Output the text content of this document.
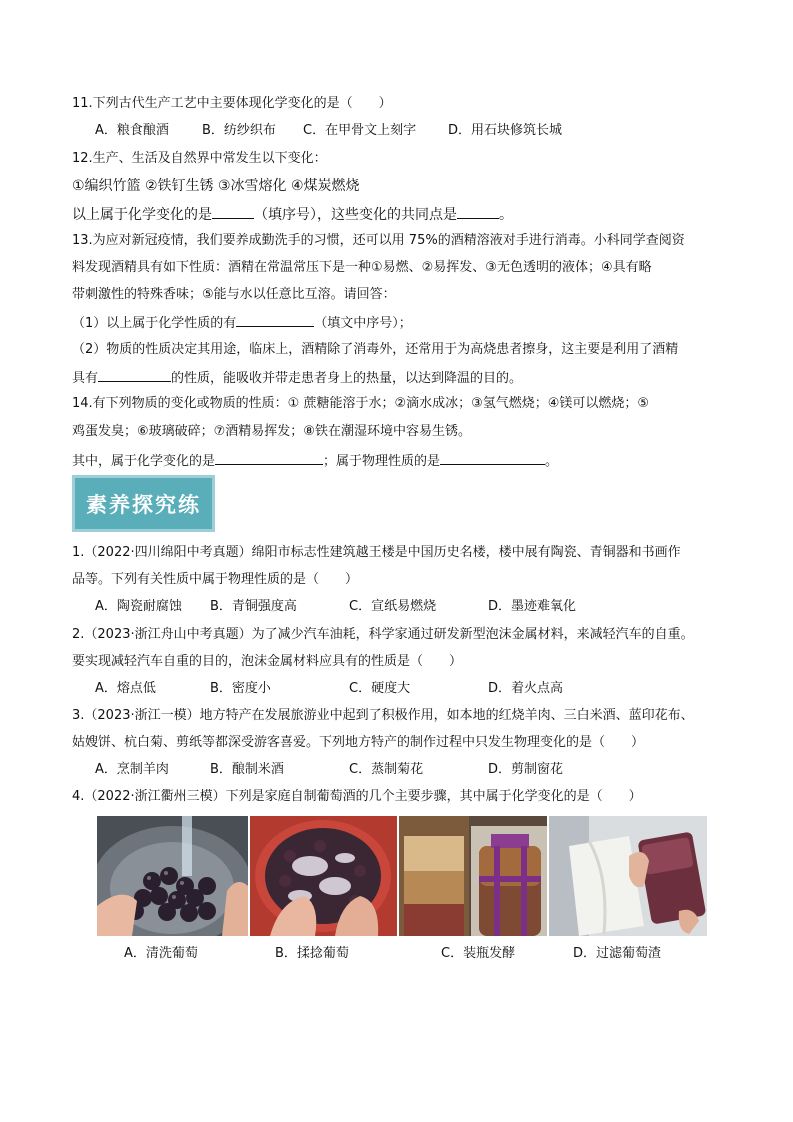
11.下列古代生产工艺中主要体现化学变化的是（　　）
A．粮食酿酒	B．纺纱织布 C．在甲骨文上刻字 D．用石块修筑长城
12.生产、生活及自然界中常发生以下变化：
①编织竹篮 ②铁钉生锈 ③冰雪熔化 ④煤炭燃烧
以上属于化学变化的是	（填序号），这些变化的共同点是	。
13.为应对新冠疫情，我们要养成勤洗手的习惯，还可以用 75%的酒精溶液对手进行消毒。小科同学查阅资
料发现酒精具有如下性质：酒精在常温常压下是一种①易燃、②易挥发、③无色透明的液体；④具有略
带刺激性的特殊香味；⑤能与水以任意比互溶。请回答：
（1）以上属于化学性质的有	（填文中序号）；
（2）物质的性质决定其用途，临床上，酒精除了消毒外，还常用于为高烧患者擦身，这主要是利用了酒精
具有	的性质，能吸收并带走患者身上的热量，以达到降温的目的。
14.有下列物质的变化或物质的性质：① 蔗糖能溶于水；②滴水成冰；③氢气燃烧；④镁可以燃烧；⑤
鸡蛋发臭；⑥玻璃破碎；⑦酒精易挥发；⑧铁在潮湿环境中容易生锈。
其中，属于化学变化的是	；属于物理性质的是	。
素养探究练
1.（2022·四川绵阳中考真题）绵阳市标志性建筑越王楼是中国历史名楼，楼中展有陶瓷、青铜器和书画作
品等。下列有关性质中属于物理性质的是（　　）
A．陶瓷耐腐蚀 B．青铜强度高	C．宣纸易燃烧	D．墨迹难氧化
2.（2023·浙江舟山中考真题）为了减少汽车油耗，科学家通过研发新型泡沫金属材料，来减轻汽车的自重。
要实现减轻汽车自重的目的，泡沫金属材料应具有的性质是（　　）
A．熔点低	B．密度小	C．硬度大	D．着火点高
3.（2023·浙江一模）地方特产在发展旅游业中起到了积极作用，如本地的红烧羊肉、三白米酒、蓝印花布、
姑嫂饼、杭白菊、剪纸等都深受游客喜爱。下列地方特产的制作过程中只发生物理变化的是（　　）
A．烹制羊肉	B．酿制米酒	C．蒸制菊花	D．剪制窗花
4.（2022·浙江衢州三模）下列是家庭自制葡萄酒的几个主要步骤，其中属于化学变化的是（　　）
A．清洗葡萄	B．揉捻葡萄	C．装瓶发酵	D．过滤葡萄渣
